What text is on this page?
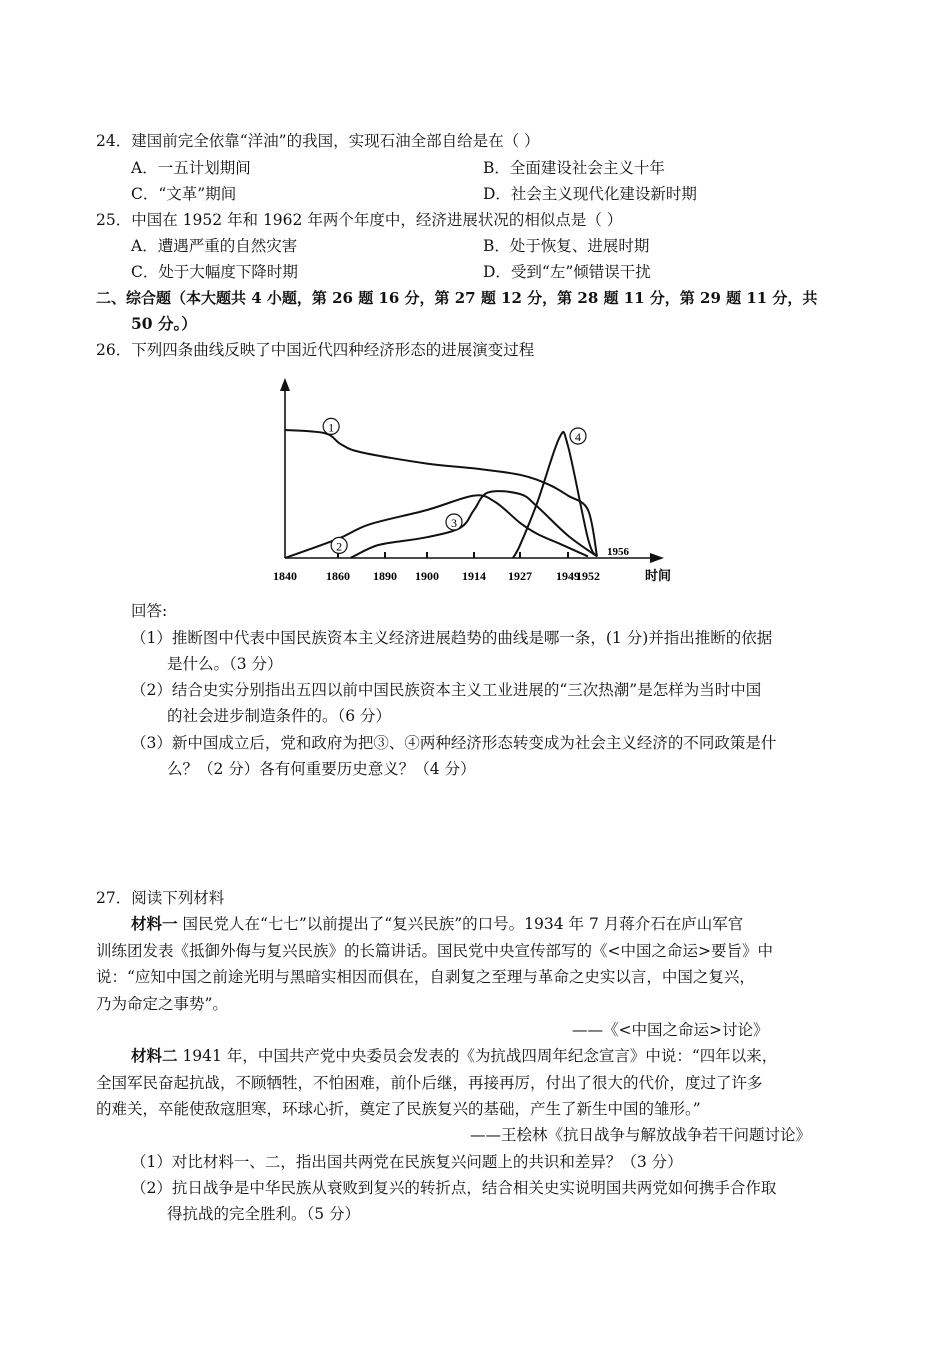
24．建国前完全依靠“洋油”的我国，实现石油全部自给是在（ ）
A．一五计划期间	B．全面建设社会主义十年
C．“文革”期间	D．社会主义现代化建设新时期
25．中国在 1952 年和 1962 年两个年度中，经济进展状况的相似点是（ ）
A．遭遇严重的自然灾害	B．处于恢复、进展时期
C．处于大幅度下降时期	D．受到“左”倾错误干扰
二、综合题（本大题共 4 小题，第 26 题 16 分，第 27 题 12 分，第 28 题 11 分，第 29 题 11 分，共
50 分。）
26．下列四条曲线反映了中国近代四种经济形态的进展演变过程
1840 1860 1890 1900 1914 1927 1949
1952
1
2
3
4
时间
1956
回答:
（1）推断图中代表中国民族资本主义经济进展趋势的曲线是哪一条，(1 分)并指出推断的依据
是什么。（3 分）
（2）结合史实分别指出五四以前中国民族资本主义工业进展的“三次热潮”是怎样为当时中国
的社会进步制造条件的。（6 分）
（3）新中国成立后，党和政府为把③、④两种经济形态转变成为社会主义经济的不同政策是什
么？（2 分）各有何重要历史意义？（4 分）
27．阅读下列材料
材料一 国民党人在“七七”以前提出了“复兴民族”的口号。1934 年 7 月蒋介石在庐山军官
训练团发表《抵御外侮与复兴民族》的长篇讲话。国民党中央宣传部写的《<中国之命运>要旨》中
说：“应知中国之前途光明与黑暗实相因而俱在，自剥复之至理与革命之史实以言，中国之复兴，
乃为命定之事势”。
——《<中国之命运>讨论》
材料二 1941 年，中国共产党中央委员会发表的《为抗战四周年纪念宣言》中说：“四年以来，
全国军民奋起抗战，不顾牺牲，不怕困难，前仆后继，再接再厉，付出了很大的代价，度过了许多
的难关，卒能使敌寇胆寒，环球心折，奠定了民族复兴的基础，产生了新生中国的雏形。”
——王桧林《抗日战争与解放战争若干问题讨论》
（1）对比材料一、二，指出国共两党在民族复兴问题上的共识和差异？（3 分）
（2）抗日战争是中华民族从衰败到复兴的转折点，结合相关史实说明国共两党如何携手合作取
得抗战的完全胜利。（5 分）
